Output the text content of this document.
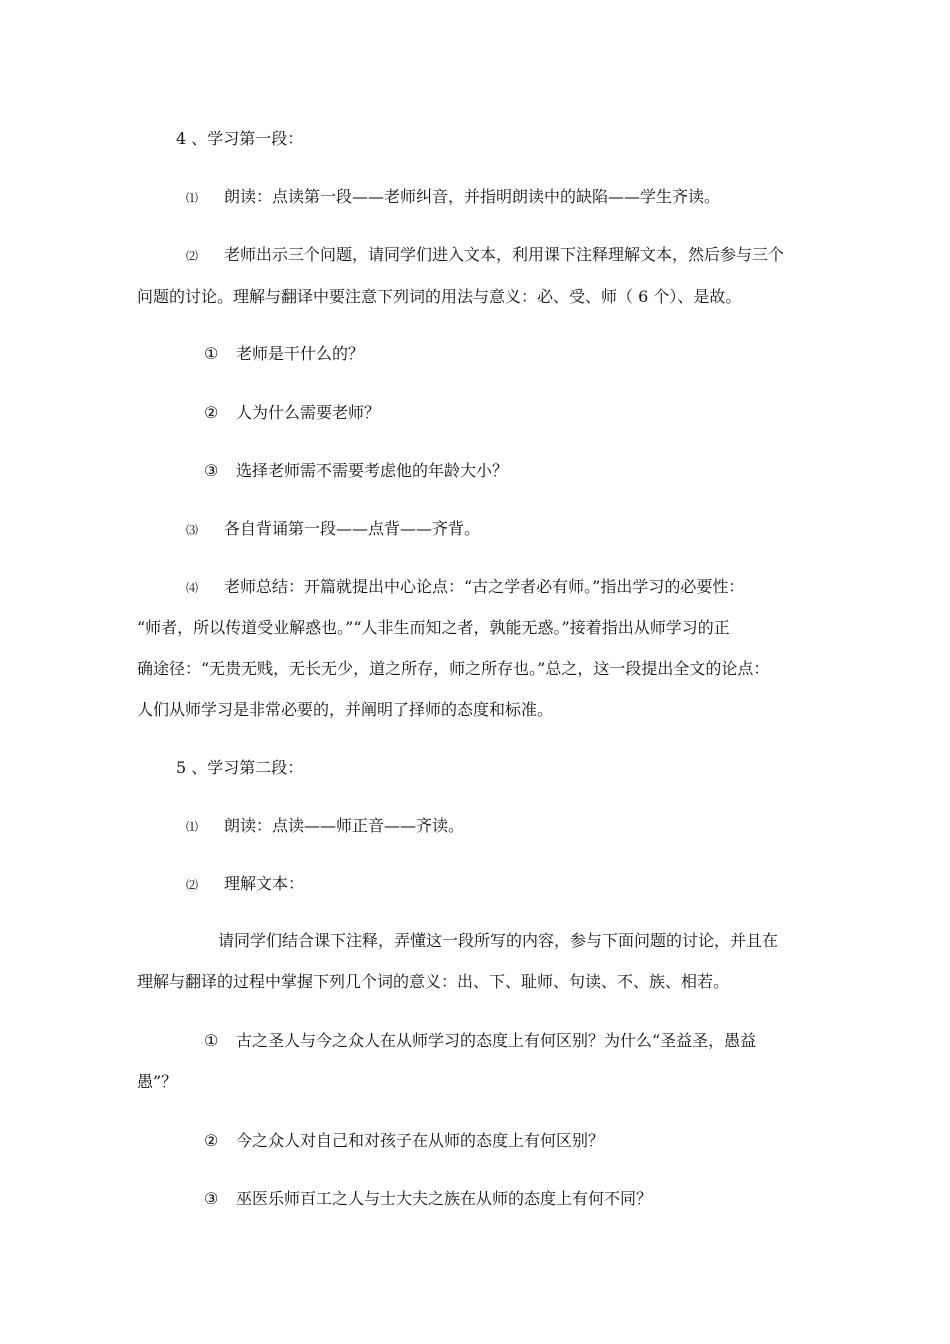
4 、学习第一段：
⑴ 朗读：点读第一段——老师纠音，并指明朗读中的缺陷——学生齐读。
⑵ 老师出示三个问题，请同学们进入文本，利用课下注释理解文本，然后参与三个
问题的讨论。理解与翻译中要注意下列词的用法与意义：必、受、师（ 6 个）、是故。
① 老师是干什么的？
② 人为什么需要老师？
③ 选择老师需不需要考虑他的年龄大小？
⑶ 各自背诵第一段——点背——齐背。
⑷ 老师总结：开篇就提出中心论点：“古之学者必有师。”指出学习的必要性：
“师者，所以传道受业解惑也。”“人非生而知之者，孰能无惑。”接着指出从师学习的正
确途径：“无贵无贱，无长无少，道之所存，师之所存也。”总之，这一段提出全文的论点：
人们从师学习是非常必要的，并阐明了择师的态度和标准。
5 、学习第二段：
⑴ 朗读：点读——师正音——齐读。
⑵ 理解文本：
请同学们结合课下注释，弄懂这一段所写的内容，参与下面问题的讨论，并且在
理解与翻译的过程中掌握下列几个词的意义：出、下、耻师、句读、不、族、相若。
① 古之圣人与今之众人在从师学习的态度上有何区别？为什么“圣益圣，愚益
愚”？
② 今之众人对自己和对孩子在从师的态度上有何区别？
③ 巫医乐师百工之人与士大夫之族在从师的态度上有何不同？
